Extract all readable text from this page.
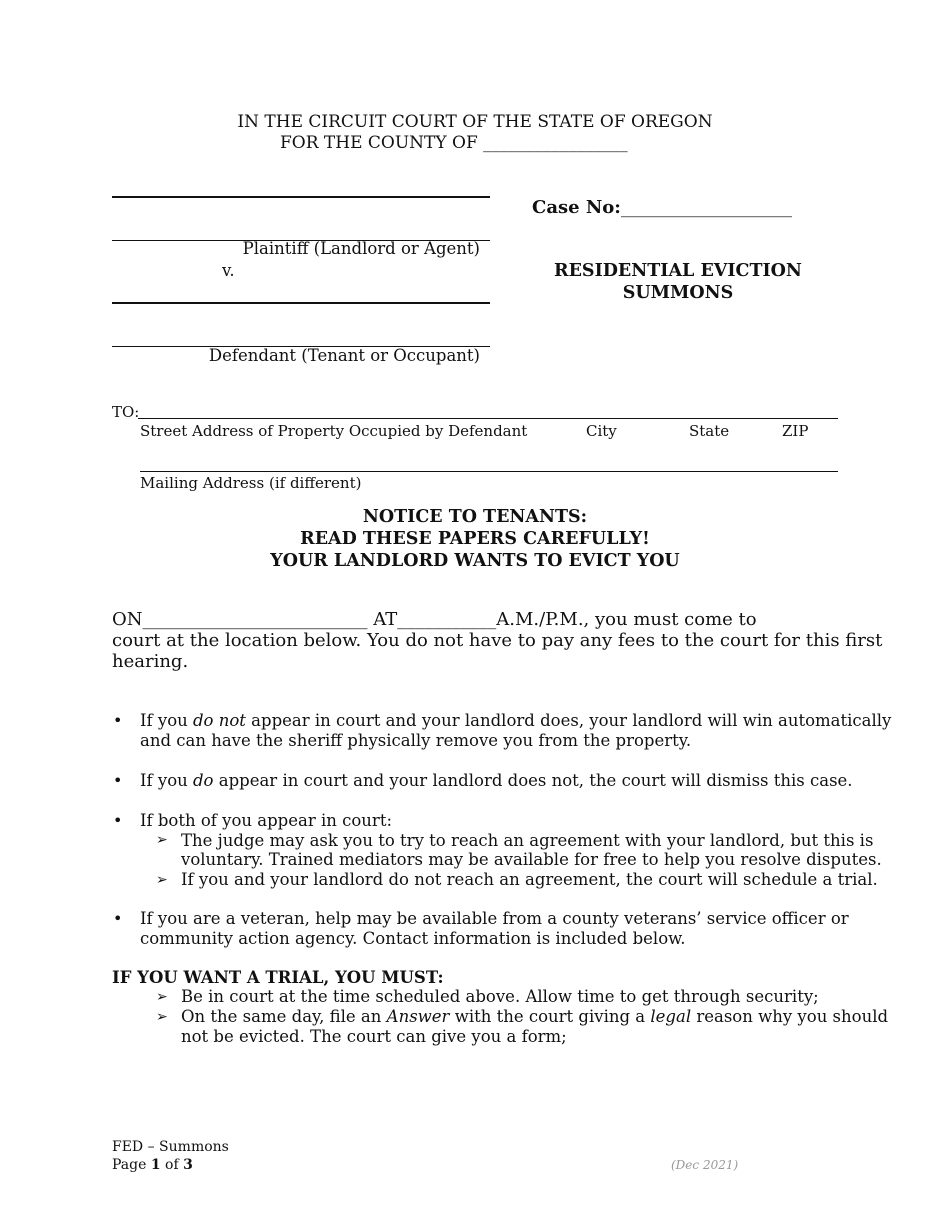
IN THE CIRCUIT COURT OF THE STATE OF OREGON
FOR THE COUNTY OF _________________
Plaintiff (Landlord or Agent)
v.
Defendant (Tenant or Occupant)
Case No:___________________
RESIDENTIAL EVICTION
SUMMONS
TO:
Street Address of Property Occupied by Defendant	City	State	ZIP
Mailing Address (if different)
NOTICE TO TENANTS:
READ THESE PAPERS CAREFULLY!
YOUR LANDLORD WANTS TO EVICT YOU
ON_________________________ AT___________A.M./P.M., you must come to
court at the location below. You do not have to pay any fees to the court for this first
hearing.
• If you do not appear in court and your landlord does, your landlord will win automatically
and can have the sheriff physically remove you from the property.
• If you do appear in court and your landlord does not, the court will dismiss this case.
• If both of you appear in court:
➢ The judge may ask you to try to reach an agreement with your landlord, but this is
voluntary. Trained mediators may be available for free to help you resolve disputes.
➢ If you and your landlord do not reach an agreement, the court will schedule a trial.
• If you are a veteran, help may be available from a county veterans’ service officer or
community action agency. Contact information is included below.
IF YOU WANT A TRIAL, YOU MUST:
➢ Be in court at the time scheduled above. Allow time to get through security;
➢ On the same day, file an Answer with the court giving a legal reason why you should
not be evicted. The court can give you a form;
FED – Summons
Page 1 of 3	(Dec 2021)
